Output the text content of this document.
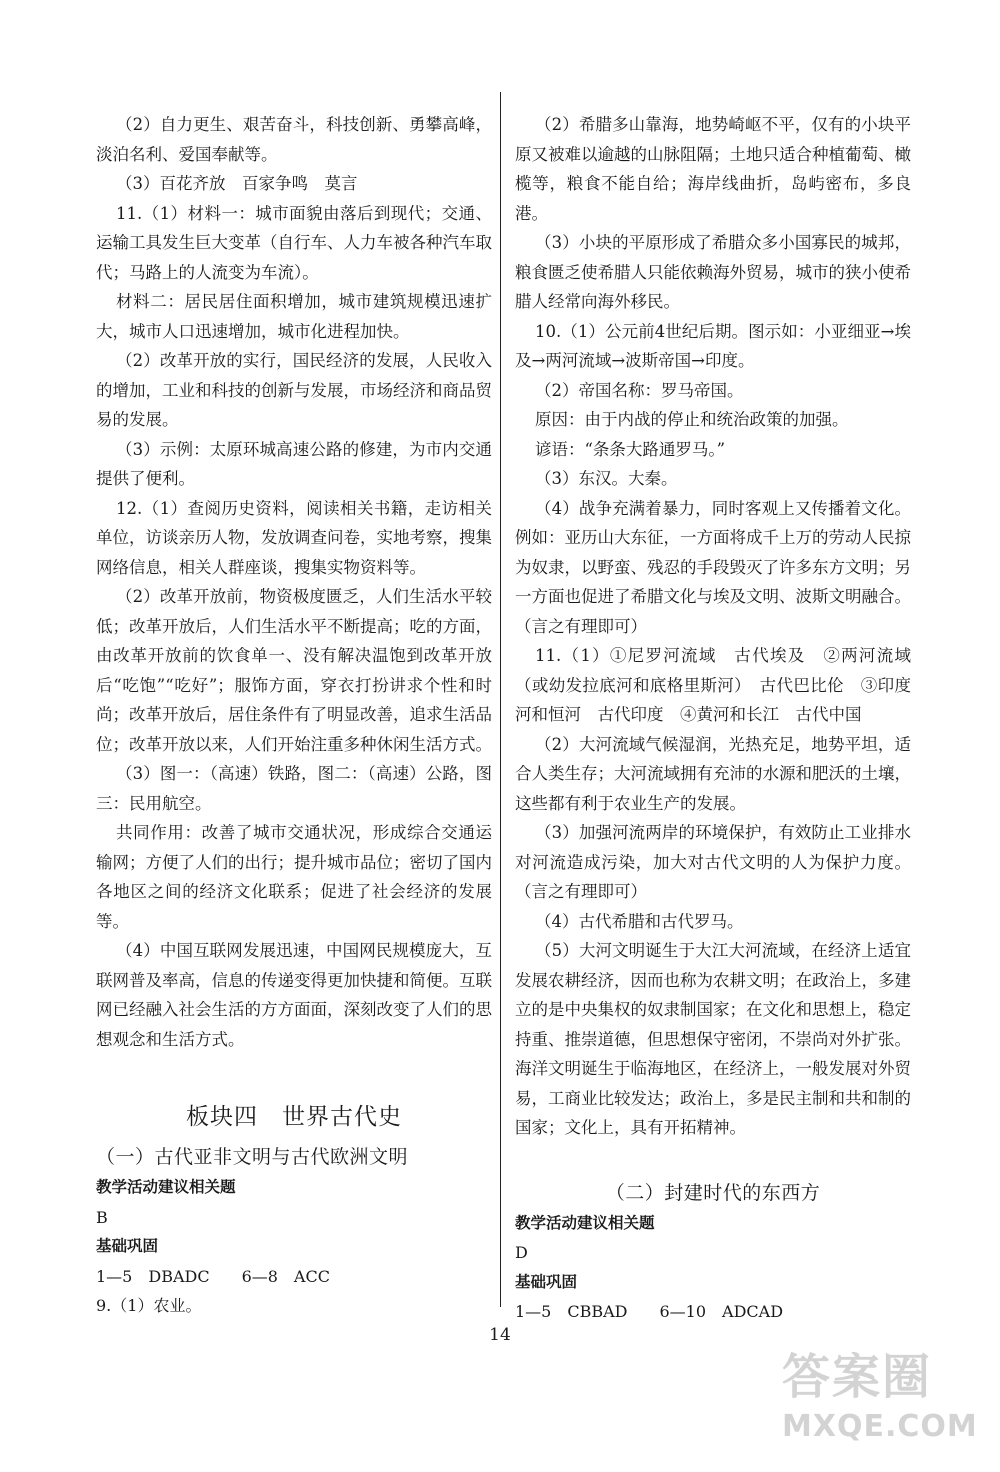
（2）自力更生、艰苦奋斗，科技创新、勇攀高峰，淡泊名利、爱国奉献等。

（3）百花齐放　百家争鸣　莫言

11.（1）材料一：城市面貌由落后到现代；交通、运输工具发生巨大变革（自行车、人力车被各种汽车取代；马路上的人流变为车流）。

材料二：居民居住面积增加，城市建筑规模迅速扩大，城市人口迅速增加，城市化进程加快。

（2）改革开放的实行，国民经济的发展，人民收入的增加，工业和科技的创新与发展，市场经济和商品贸易的发展。

（3）示例：太原环城高速公路的修建，为市内交通提供了便利。

12.（1）查阅历史资料，阅读相关书籍，走访相关单位，访谈亲历人物，发放调查问卷，实地考察，搜集网络信息，相关人群座谈，搜集实物资料等。

（2）改革开放前，物资极度匮乏，人们生活水平较低；改革开放后，人们生活水平不断提高；吃的方面，由改革开放前的饮食单一、没有解决温饱到改革开放后“吃饱”“吃好”；服饰方面，穿衣打扮讲求个性和时尚；改革开放后，居住条件有了明显改善，追求生活品位；改革开放以来，人们开始注重多种休闲生活方式。

（3）图一：（高速）铁路，图二：（高速）公路，图三：民用航空。

共同作用：改善了城市交通状况，形成综合交通运输网；方便了人们的出行；提升城市品位；密切了国内各地区之间的经济文化联系；促进了社会经济的发展等。

（4）中国互联网发展迅速，中国网民规模庞大，互联网普及率高，信息的传递变得更加快捷和简便。互联网已经融入社会生活的方方面面，深刻改变了人们的思想观念和生活方式。

板块四　世界古代史
（一）古代亚非文明与古代欧洲文明
教学活动建议相关题
B
基础巩固
1—5　DBADC　　6—8　ACC
9.（1）农业。

（2）希腊多山靠海，地势崎岖不平，仅有的小块平原又被难以逾越的山脉阻隔；土地只适合种植葡萄、橄榄等，粮食不能自给；海岸线曲折，岛屿密布，多良港。

（3）小块的平原形成了希腊众多小国寡民的城邦，粮食匮乏使希腊人只能依赖海外贸易，城市的狭小使希腊人经常向海外移民。

10.（1）公元前4世纪后期。图示如：小亚细亚→埃及→两河流域→波斯帝国→印度。

（2）帝国名称：罗马帝国。

原因：由于内战的停止和统治政策的加强。

谚语：“条条大路通罗马。”

（3）东汉。大秦。

（4）战争充满着暴力，同时客观上又传播着文化。例如：亚历山大东征，一方面将成千上万的劳动人民掠为奴隶，以野蛮、残忍的手段毁灭了许多东方文明；另一方面也促进了希腊文化与埃及文明、波斯文明融合。（言之有理即可）

11.（1）①尼罗河流域　古代埃及　②两河流域（或幼发拉底河和底格里斯河）　古代巴比伦　③印度河和恒河　古代印度　④黄河和长江　古代中国

（2）大河流域气候湿润，光热充足，地势平坦，适合人类生存；大河流域拥有充沛的水源和肥沃的土壤，这些都有利于农业生产的发展。

（3）加强河流两岸的环境保护，有效防止工业排水对河流造成污染，加大对古代文明的人为保护力度。（言之有理即可）

（4）古代希腊和古代罗马。

（5）大河文明诞生于大江大河流域，在经济上适宜发展农耕经济，因而也称为农耕文明；在政治上，多建立的是中央集权的奴隶制国家；在文化和思想上，稳定持重、推崇道德，但思想保守密闭，不崇尚对外扩张。海洋文明诞生于临海地区，在经济上，一般发展对外贸易，工商业比较发达；政治上，多是民主制和共和制的国家；文化上，具有开拓精神。

（二）封建时代的东西方
教学活动建议相关题
D
基础巩固
1—5　CBBAD　　6—10　ADCAD
14
答案圈
MXQE.COM
